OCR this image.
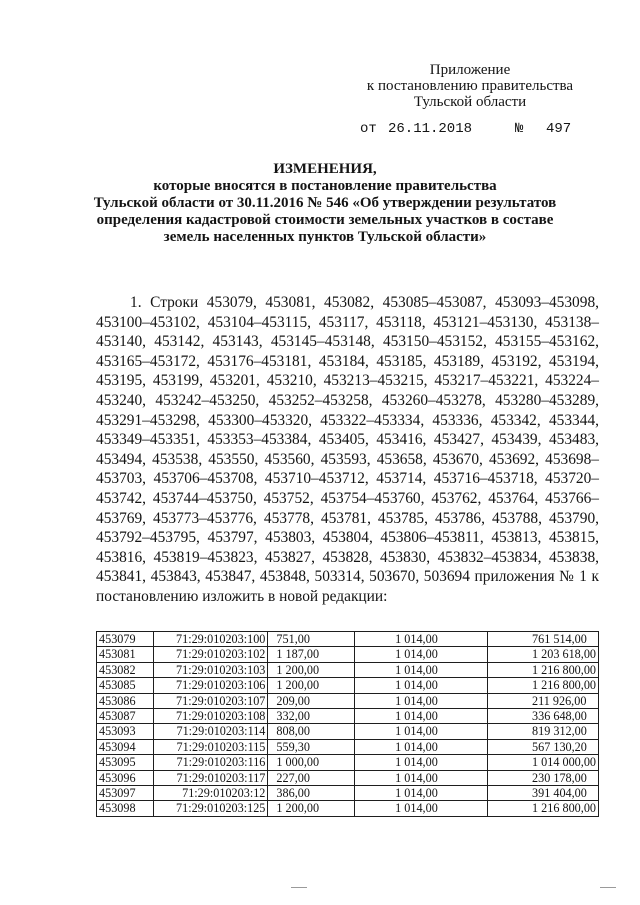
Приложение
к постановлению правительства
Тульской области
от 26.11.2018	№ 497
ИЗМЕНЕНИЯ,
которые вносятся в постановление правительства
Тульской области от 30.11.2016 № 546 «Об утверждении результатов
определения кадастровой стоимости земельных участков в составе
земель населенных пунктов Тульской области»
1. Строки 453079, 453081, 453082, 453085–453087, 453093–453098, 453100–453102, 453104–453115, 453117, 453118, 453121–453130, 453138–453140, 453142, 453143, 453145–453148, 453150–453152, 453155–453162, 453165–453172, 453176–453181, 453184, 453185, 453189, 453192, 453194, 453195, 453199, 453201, 453210, 453213–453215, 453217–453221, 453224–453240, 453242–453250, 453252–453258, 453260–453278, 453280–453289, 453291–453298, 453300–453320, 453322–453334, 453336, 453342, 453344, 453349–453351, 453353–453384, 453405, 453416, 453427, 453439, 453483, 453494, 453538, 453550, 453560, 453593, 453658, 453670, 453692, 453698–453703, 453706–453708, 453710–453712, 453714, 453716–453718, 453720–453742, 453744–453750, 453752, 453754–453760, 453762, 453764, 453766–453769, 453773–453776, 453778, 453781, 453785, 453786, 453788, 453790, 453792–453795, 453797, 453803, 453804, 453806–453811, 453813, 453815, 453816, 453819–453823, 453827, 453828, 453830, 453832–453834, 453838, 453841, 453843, 453847, 453848, 503314, 503670, 503694 приложения № 1 к постановлению изложить в новой редакции:
453079	71:29:010203:100	751,00	1 014,00	761 514,00
453081	71:29:010203:102	1 187,00	1 014,00	1 203 618,00
453082	71:29:010203:103	1 200,00	1 014,00	1 216 800,00
453085	71:29:010203:106	1 200,00	1 014,00	1 216 800,00
453086	71:29:010203:107	209,00	1 014,00	211 926,00
453087	71:29:010203:108	332,00	1 014,00	336 648,00
453093	71:29:010203:114	808,00	1 014,00	819 312,00
453094	71:29:010203:115	559,30	1 014,00	567 130,20
453095	71:29:010203:116	1 000,00	1 014,00	1 014 000,00
453096	71:29:010203:117	227,00	1 014,00	230 178,00
453097	71:29:010203:12	386,00	1 014,00	391 404,00
453098	71:29:010203:125	1 200,00	1 014,00	1 216 800,00
